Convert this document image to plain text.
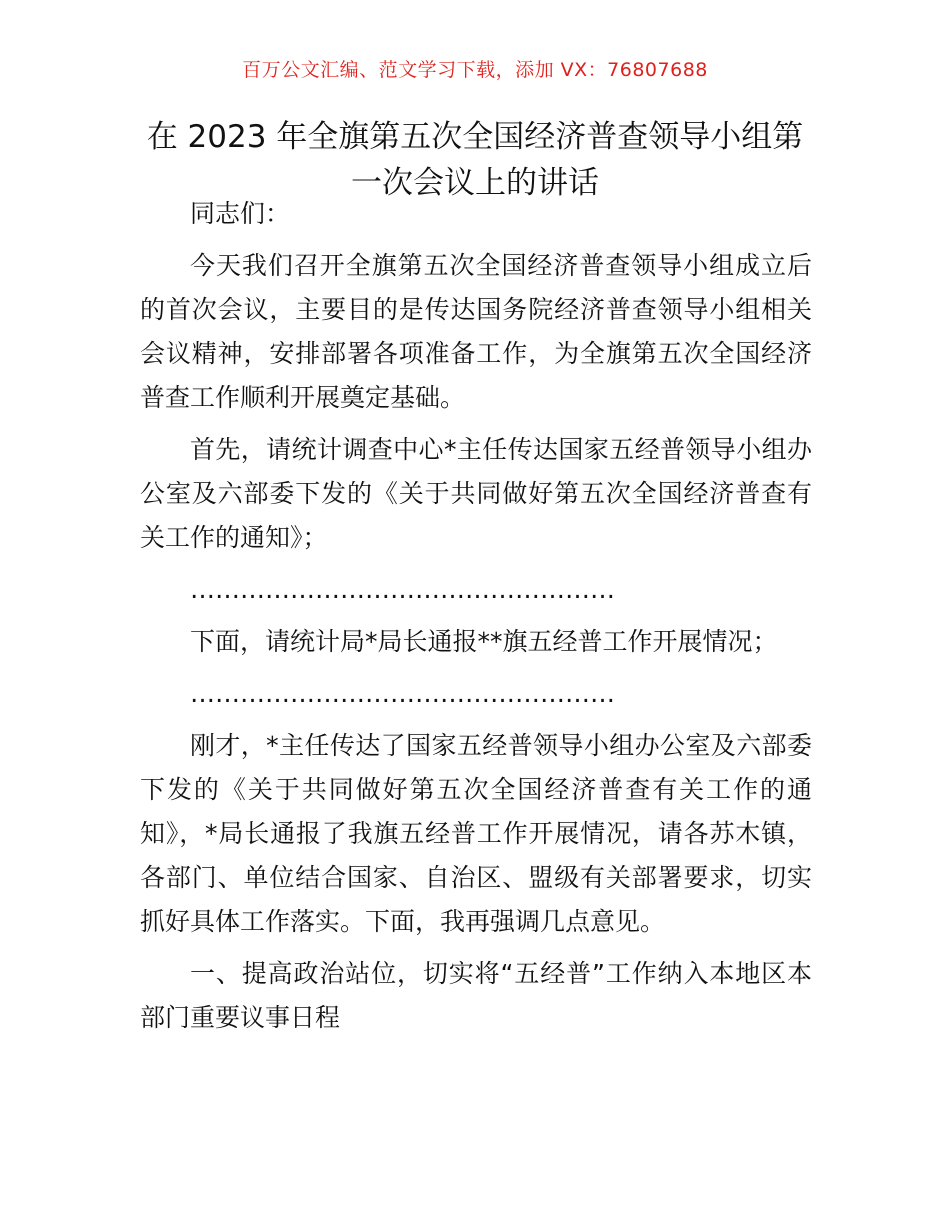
百万公文汇编、范文学习下载，添加 VX：76807688
在 2023 年全旗第五次全国经济普查领导小组第一次会议上的讲话

同志们：

今天我们召开全旗第五次全国经济普查领导小组成立后的首次会议，主要目的是传达国务院经济普查领导小组相关会议精神，安排部署各项准备工作，为全旗第五次全国经济普查工作顺利开展奠定基础。

首先，请统计调查中心*主任传达国家五经普领导小组办公室及六部委下发的《关于共同做好第五次全国经济普查有关工作的通知》；

……………………………………………

下面，请统计局*局长通报**旗五经普工作开展情况；

……………………………………………

刚才，*主任传达了国家五经普领导小组办公室及六部委下发的《关于共同做好第五次全国经济普查有关工作的通知》，*局长通报了我旗五经普工作开展情况，请各苏木镇，各部门、单位结合国家、自治区、盟级有关部署要求，切实抓好具体工作落实。下面，我再强调几点意见。

一、提高政治站位，切实将“五经普”工作纳入本地区本部门重要议事日程
